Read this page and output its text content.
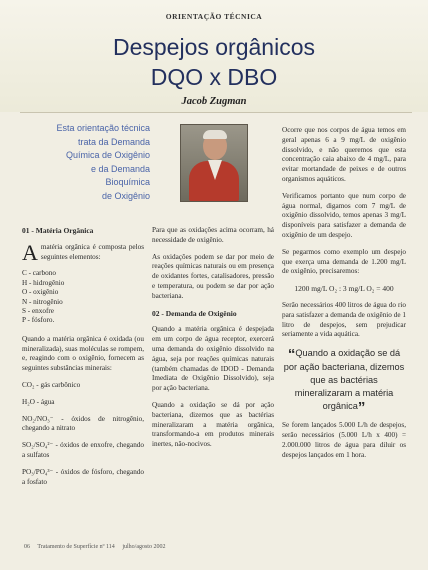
ORIENTAÇÃO TÉCNICA
Despejos orgânicos
DQO x DBO
Jacob Zugman
Esta orientação técnica
trata da Demanda
Química de Oxigênio
e da Demanda
Bioquímica
de Oxigênio

01 - Matéria Orgânica

Amatéria orgânica é composta pelos seguintes elementos:

C - carbono
H - hidrogênio
O - oxigênio
N - nitrogênio
S - enxofre
P - fósforo.

Quando a matéria orgânica é oxidada (ou mineralizada), suas moléculas se rompem, e, reagindo com o oxigênio, fornecem as seguintes substâncias minerais:

CO₂ - gás carbônico

H₂O - água

NO₂/NO₃⁻ - óxidos de nitrogênio, chegando a nitrato

SO₂/SO₄²⁻ - óxidos de enxofre, chegando a sulfatos

PO₃/PO₄³⁻ - óxidos de fósforo, chegando a fosfato

Para que as oxidações acima ocorram, há necessidade de oxigênio.

As oxidações podem se dar por meio de reações químicas naturais ou em presença de oxidantes fortes, catalisadores, pressão e temperatura, ou podem se dar por ação bacteriana.

02 - Demanda de Oxigênio

Quando a matéria orgânica é despejada em um corpo de água receptor, exercerá uma demanda do oxigênio dissolvido na água, seja por reações químicas naturais (também chamadas de IDOD - Demanda Imediata de Oxigênio Dissolvido), seja por ação bacteriana.

Quando a oxidação se dá por ação bacteriana, dizemos que as bactérias mineralizaram a matéria orgânica, transformando-a em produtos minerais inertes, não-nocivos.

Ocorre que nos corpos de água temos em geral apenas 6 a 9 mg/L de oxigênio dissolvido, e não queremos que esta concentração caia abaixo de 4 mg/L, para evitar mortandade de peixes e de outros organismos aquáticos.

Verificamos portanto que num corpo de água normal, digamos com 7 mg/L de oxigênio dissolvido, temos apenas 3 mg/L disponíveis para satisfazer a demanda de oxigênio de um despejo.

Se pegarmos como exemplo um despejo que exerça uma demanda de 1.200 mg/L de oxigênio, precisaremos:

1200 mg/L O₂ : 3 mg/L O₂ = 400

Serão necessários 400 litros de água do rio para satisfazer a demanda de oxigênio de 1 litro de despejos, sem prejudicar seriamente a vida aquática.

“Quando a oxidação se dá por ação bacteriana, dizemos que as bactérias mineralizaram a matéria orgânica”

Se forem lançados 5.000 L/h de despejos, serão necessários (5.000 L/h x 400) = 2.000.000 litros de água para diluir os despejos lançados em 1 hora.

06 Tratamento de Superfície nº 114 julho/agosto 2002
